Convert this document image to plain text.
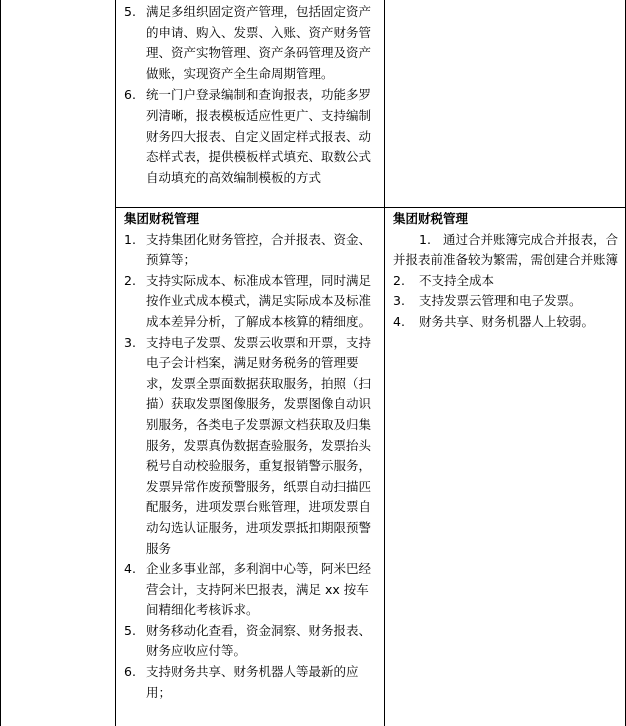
5. 满足多组织固定资产管理，包括固定资产的申请、购入、发票、入账、资产财务管理、资产实物管理、资产条码管理及资产做账，实现资产全生命周期管理。
6. 统一门户登录编制和查询报表，功能多罗列清晰，报表模板适应性更广、支持编制财务四大报表、自定义固定样式报表、动态样式表，提供模板样式填充、取数公式自动填充的高效编制模板的方式
集团财税管理
1. 支持集团化财务管控，合并报表、资金、预算等；
2. 支持实际成本、标准成本管理，同时满足按作业式成本模式，满足实际成本及标准成本差异分析，了解成本核算的精细度。
3. 支持电子发票、发票云收票和开票，支持电子会计档案，满足财务税务的管理要求，发票全票面数据获取服务，拍照（扫描）获取发票图像服务，发票图像自动识别服务，各类电子发票源文档获取及归集服务，发票真伪数据查验服务，发票抬头税号自动校验服务，重复报销警示服务，发票异常作废预警服务，纸票自动扫描匹配服务，进项发票台账管理，进项发票自动勾选认证服务，进项发票抵扣期限预警服务
4. 企业多事业部，多利润中心等，阿米巴经营会计，支持阿米巴报表，满足 xx 按车间精细化考核诉求。
5. 财务移动化查看，资金洞察、财务报表、财务应收应付等。
6. 支持财务共享、财务机器人等最新的应用；
集团财税管理
1. 通过合并账簿完成合并报表，合并报表前准备较为繁需，需创建合并账簿
2. 不支持全成本
3. 支持发票云管理和电子发票。
4. 财务共享、财务机器人上较弱。
